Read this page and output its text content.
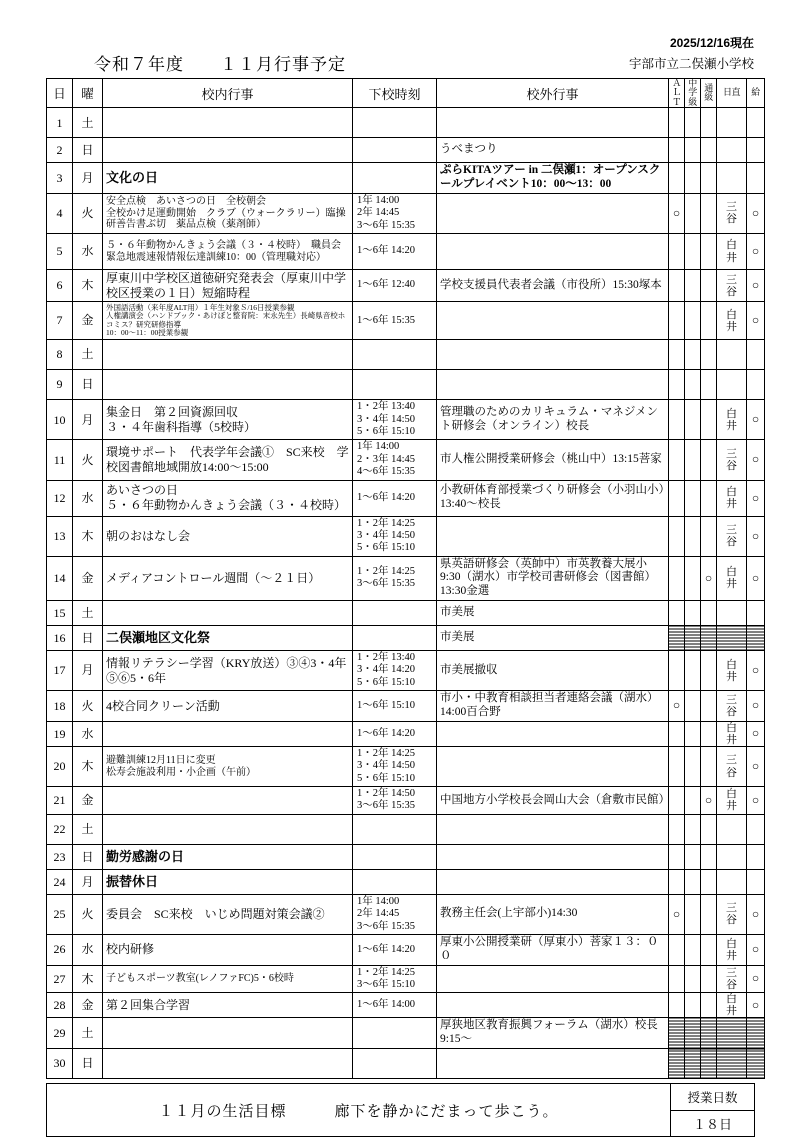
2025/12/16現在
宇部市立二俣瀬小学校
令和７年度　　１１月行事予定
日	曜	校内行事	下校時刻	校外行事	ＡＬＴ	中学級	通級	日直	給

1	土								

2	日			うべまつり					

3	月	文化の日		ぷらKITAツアー in 二俣瀬1：オープンスクールプレイベント10：00〜13：00					

4	火	安全点検　あいさつの日　全校朝会
全校かけ足運動開始　クラブ（ウォークラリー）臨操研善告書ぶ切　薬品点検（薬剤師）	1年 14:00
2年 14:45
3〜6年 15:35		○			三
谷	○

5	水	５・６年動物かんきょう会議（３・４校時）　職員会
緊急地震速報情報伝達訓練10：00（管理職対応）	1〜6年 14:20					白
井	○

6	木	厚東川中学校区道徳研究発表会（厚東川中学校区授業の１日）短縮時程	1〜6年 12:40	学校支援員代表者会議（市役所）15:30塚本				三
谷	○

7	金	外国語活動（来年度ALT用）１年生対象Ｓ/16日授業参観
人権講演会（ハンドブック・あけぼと整育院：末永先生）長崎県音校ホコミス？研究研修指導
10：00〜11：00授業参観	1〜6年 15:35					白
井	○

8	土								

9	日								

10	月	集金日　第２回資源回収
３・４年歯科指導（5校時）	1・2年 13:40
3・4年 14:50
5・6年 15:10	管理職のためのカリキュラム・マネジメント研修会（オンライン）校長				白
井	○

11	火	環境サポート　代表学年会議①　SC来校　学校図書館地域開放14:00〜15:00	1年 14:00
2・3年 14:45
4〜6年 15:35	市人権公開授業研修会（桃山中）13:15菩家				三
谷	○

12	水	あいさつの日
５・６年動物かんきょう会議（３・４校時）	1〜6年 14:20	小教研体育部授業づくり研修会（小羽山小）13:40〜校長				白
井	○

13	木	朝のおはなし会	1・2年 14:25
3・4年 14:50
5・6年 15:10					三
谷	○

14	金	メディアコントロール週間（〜２１日）	1・2年 14:25
3〜6年 15:35	県英語研修会（英帥中）市英教養大展小9:30（湖水）市学校司書研修会（図書館）13:30金選			○	白
井	○

15	土			市美展					

16	日	二俣瀬地区文化祭		市美展					

17	月	情報リテラシー学習（KRY放送）③④3・4年
⑤⑥5・6年	1・2年 13:40
3・4年 14:20
5・6年 15:10	市美展撤収				白
井	○

18	火	4校合同クリーン活動	1〜6年 15:10	市小・中教育相談担当者連絡会議（湖水）14:00百合野	○			三
谷	○

19	水		1〜6年 14:20					白
井	○

20	木	避難訓練12月11日に変更
松寿会施設利用・小企画（午前）	1・2年 14:25
3・4年 14:50
5・6年 15:10					三
谷	○

21	金		1・2年 14:50
3〜6年 15:35	中国地方小学校長会岡山大会（倉敷市民館）			○	白
井	○

22	土								

23	日	勤労感謝の日							

24	月	振替休日							

25	火	委員会　SC来校　いじめ問題対策会議②	1年 14:00
2年 14:45
3〜6年 15:35	教務主任会(上宇部小)14:30	○			三
谷	○

26	水	校内研修	1〜6年 14:20	厚東小公開授業研（厚東小）菩家１３：００				白
井	○

27	木	子どもスポーツ教室(レノファFC)5・6校時	1・2年 14:25
3〜6年 15:10					三
谷	○

28	金	第２回集合学習	1〜6年 14:00					白
井	○

29	土			厚狭地区教育振興フォーラム（湖水）校長9:15〜					

30	日								

１１月の生活目標　　　廊下を静かにだまって歩こう。	授業日数
１８日
